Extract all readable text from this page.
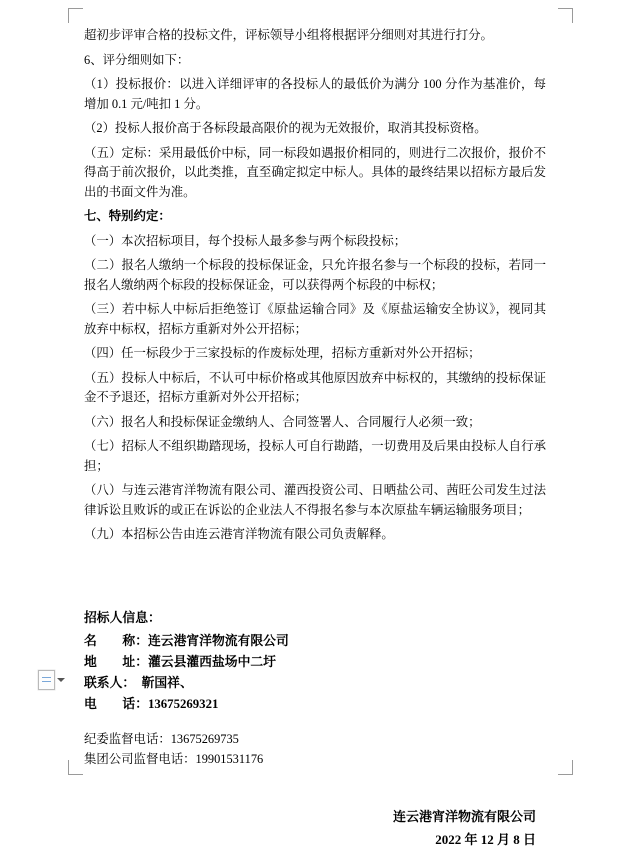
超初步评审合格的投标文件，评标领导小组将根据评分细则对其进行打分。

6、评分细则如下：

（1）投标报价：以进入详细评审的各投标人的最低价为满分 100 分作为基准价，每增加 0.1 元/吨扣 1 分。

（2）投标人报价高于各标段最高限价的视为无效报价，取消其投标资格。

（五）定标：采用最低价中标，同一标段如遇报价相同的，则进行二次报价，报价不得高于前次报价，以此类推，直至确定拟定中标人。具体的最终结果以招标方最后发出的书面文件为准。

七、特别约定：

（一）本次招标项目，每个投标人最多参与两个标段投标；

（二）报名人缴纳一个标段的投标保证金，只允许报名参与一个标段的投标，若同一报名人缴纳两个标段的投标保证金，可以获得两个标段的中标权；

（三）若中标人中标后拒绝签订《原盐运输合同》及《原盐运输安全协议》，视同其放弃中标权，招标方重新对外公开招标；

（四）任一标段少于三家投标的作废标处理，招标方重新对外公开招标；

（五）投标人中标后，不认可中标价格或其他原因放弃中标权的，其缴纳的投标保证金不予退还，招标方重新对外公开招标；

（六）报名人和投标保证金缴纳人、合同签署人、合同履行人必须一致；

（七）招标人不组织勘踏现场，投标人可自行勘踏，一切费用及后果由投标人自行承担；

（八）与连云港宵洋物流有限公司、灌西投资公司、日晒盐公司、茜旺公司发生过法律诉讼且败诉的或正在诉讼的企业法人不得报名参与本次原盐车辆运输服务项目；

（九）本招标公告由连云港宵洋物流有限公司负责解释。

招标人信息：

名　　称：连云港宵洋物流有限公司

地　　址：灌云县灌西盐场中二圩

联系人：　靳国祥、

电　　话：13675269321

纪委监督电话：13675269735

集团公司监督电话：19901531176

连云港宵洋物流有限公司
2022 年 12 月 8 日
